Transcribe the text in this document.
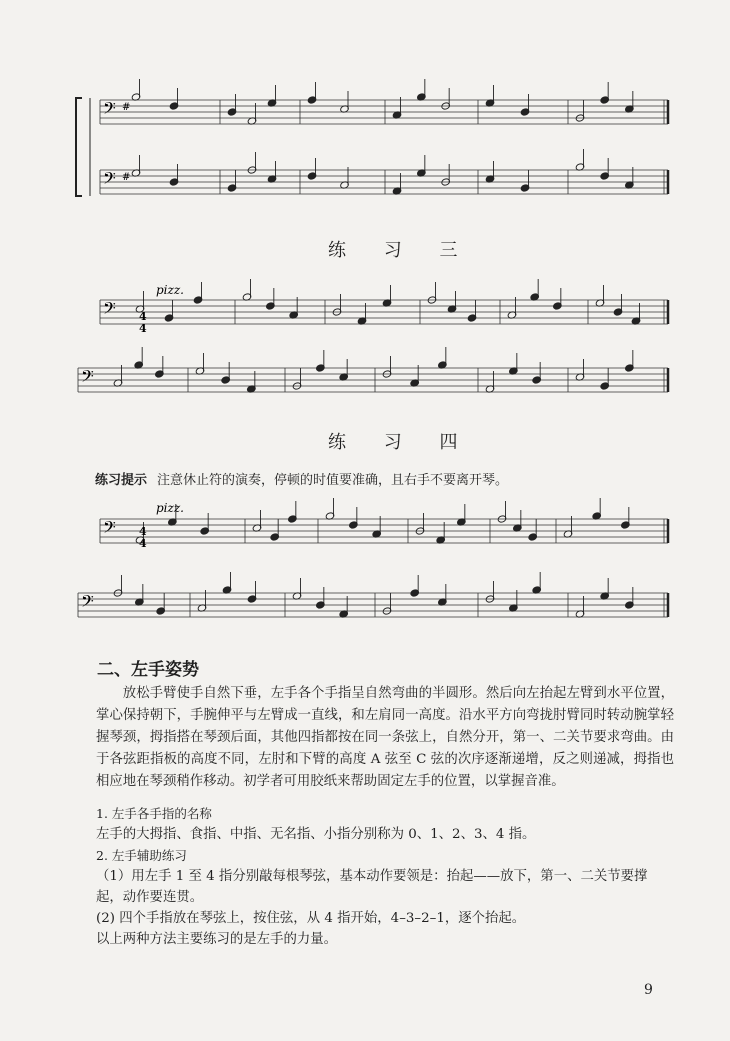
𝄢 #
𝄢 #
𝄢
𝄢
𝄢
𝄢
pizz.
pizz.
4
4
4
4
练 习 三
练 习 四
练习提示 注意休止符的演奏，停顿的时值要准确，且右手不要离开琴。
二、左手姿势

放松手臂使手自然下垂，左手各个手指呈自然弯曲的半圆形。然后向左抬起左臂到水平位置，掌心保持朝下，手腕伸平与左臂成一直线，和左肩同一高度。沿水平方向弯拢肘臂同时转动腕掌轻握琴颈，拇指搭在琴颈后面，其他四指都按在同一条弦上，自然分开，第一、二关节要求弯曲。由于各弦距指板的高度不同，左肘和下臂的高度 A 弦至 C 弦的次序逐渐递增，反之则递减，拇指也相应地在琴颈稍作移动。初学者可用胶纸来帮助固定左手的位置，以掌握音准。

1. 左手各手指的名称

左手的大拇指、食指、中指、无名指、小指分别称为 0、1、2、3、4 指。

2. 左手辅助练习

（1）用左手 1 至 4 指分别敲每根琴弦，基本动作要领是：抬起——放下，第一、二关节要撑起，动作要连贯。

(2) 四个手指放在琴弦上，按住弦，从 4 指开始，4–3–2–1，逐个抬起。

以上两种方法主要练习的是左手的力量。

9
